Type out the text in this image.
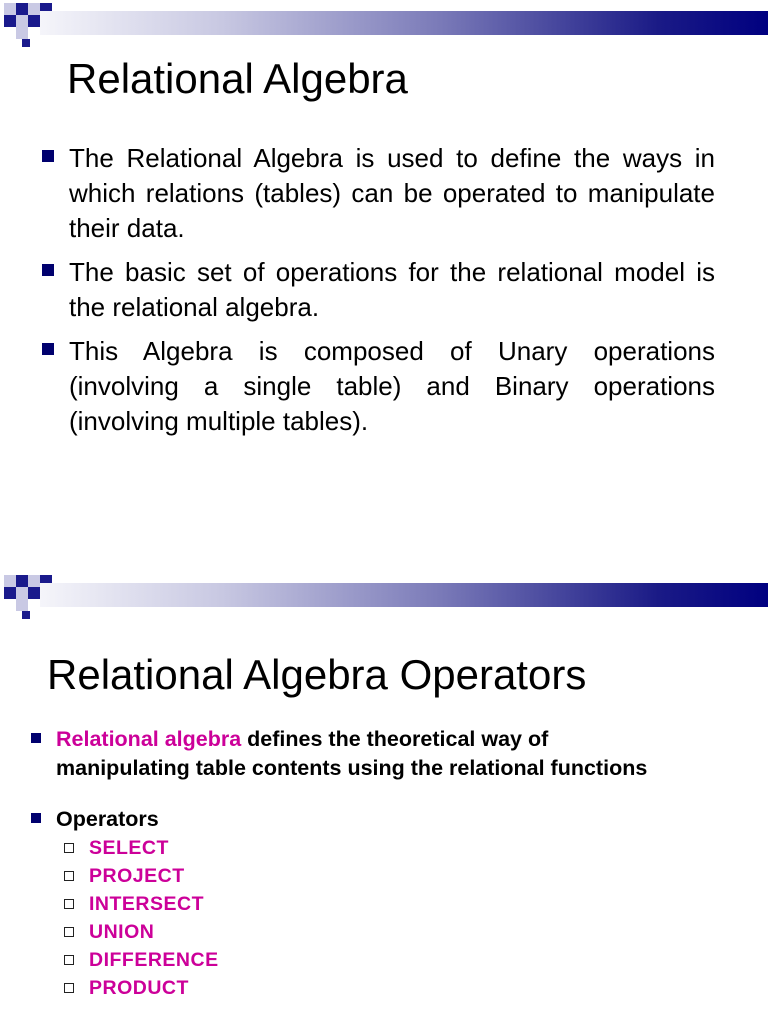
Relational Algebra
The Relational Algebra is used to define the ways in which relations (tables) can be operated to manipulate their data.
The basic set of operations for the relational model is the relational algebra.
This Algebra is composed of Unary operations (involving a single table) and Binary operations (involving multiple tables).
Relational Algebra Operators
Relational algebra defines the theoretical way of
manipulating table contents using the relational functions
Operators
SELECT
PROJECT
INTERSECT
UNION
DIFFERENCE
PRODUCT
